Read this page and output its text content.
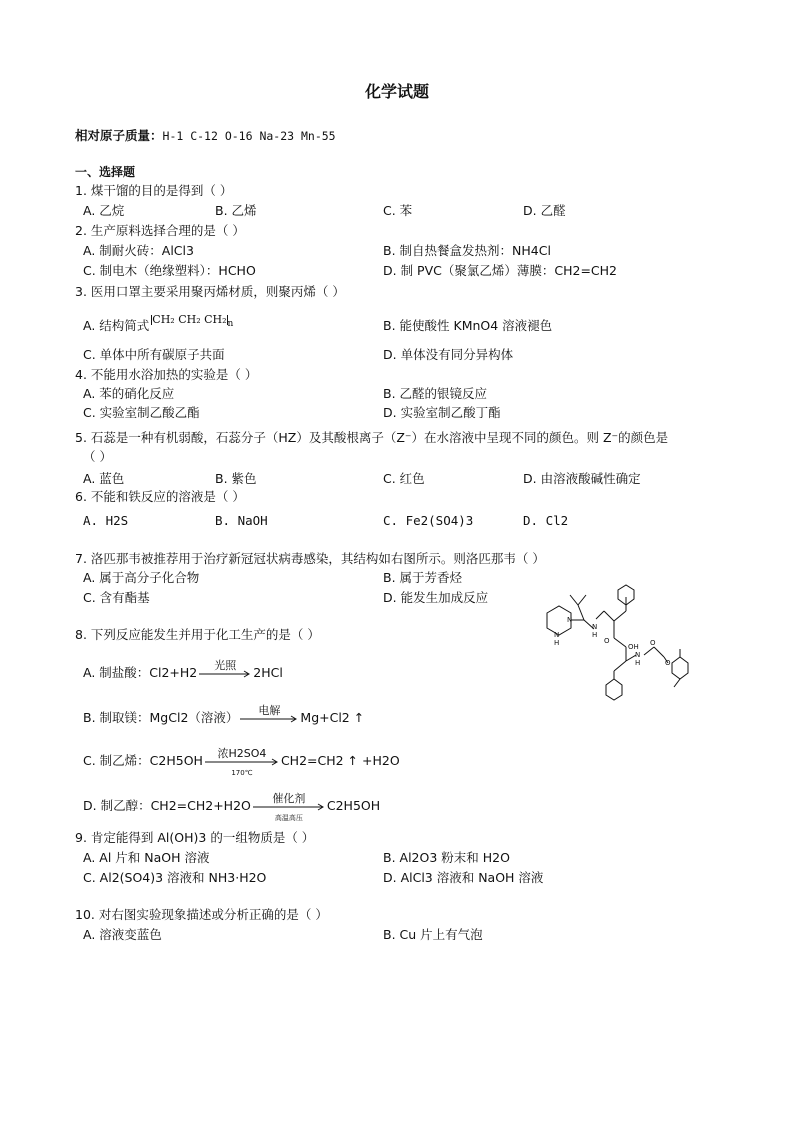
化学试题
相对原子质量：H-1 C-12 O-16 Na-23 Mn-55
一、选择题
1. 煤干馏的目的是得到（ ）
A. 乙烷	B. 乙烯	C. 苯	D. 乙醛
2. 生产原料选择合理的是（ ）
A. 制耐火砖：AlCl3	B. 制自热餐盒发热剂：NH4Cl
C. 制电木（绝缘塑料）：HCHO	D. 制 PVC（聚氯乙烯）薄膜：CH2=CH2
3. 医用口罩主要采用聚丙烯材质，则聚丙烯（ ）
A. 结构简式 CH₂ CH₂ $CH_2_n$	B. 能使酸性 KMnO4 溶液褪色
C. 单体中所有碳原子共面	D. 单体没有同分异构体
4. 不能用水浴加热的实验是（ ）
A. 苯的硝化反应	B. 乙醛的银镜反应
C. 实验室制乙酸乙酯	D. 实验室制乙酸丁酯
5. 石蕊是一种有机弱酸，石蕊分子（HZ）及其酸根离子（Z⁻）在水溶液中呈现不同的颜色。则 Z⁻的颜色是
（ ）
A. 蓝色	B. 紫色	C. 红色	D. 由溶液酸碱性确定
6. 不能和铁反应的溶液是（ ）
A. H2S	B. NaOH	C. Fe2(SO4)3	D. Cl2
7. 洛匹那韦被推荐用于治疗新冠冠状病毒感染，其结构如右图所示。则洛匹那韦（ ）
A. 属于高分子化合物	B. 属于芳香烃
C. 含有酯基	D. 能发生加成反应
N
N
H
N
H
O
OH
N
H
O
O
8. 下列反应能发生并用于化工生产的是（ ）
A. 制盐酸：Cl2+H2	光照	2HCl
B. 制取镁：MgCl2（溶液）	电解	Mg+Cl2 ↑
C. 制乙烯：C2H5OH	浓H2SO4
170℃
CH2=CH2 ↑ +H2O
D. 制乙醇：CH2=CH2+H2O	催化剂
高温高压
C2H5OH
9. 肯定能得到 Al(OH)3 的一组物质是（ ）
A. Al 片和 NaOH 溶液	B. Al2O3 粉末和 H2O
C. Al2(SO4)3 溶液和 NH3·H2O	D. AlCl3 溶液和 NaOH 溶液
10. 对右图实验现象描述或分析正确的是（ ）
A. 溶液变蓝色	B. Cu 片上有气泡
